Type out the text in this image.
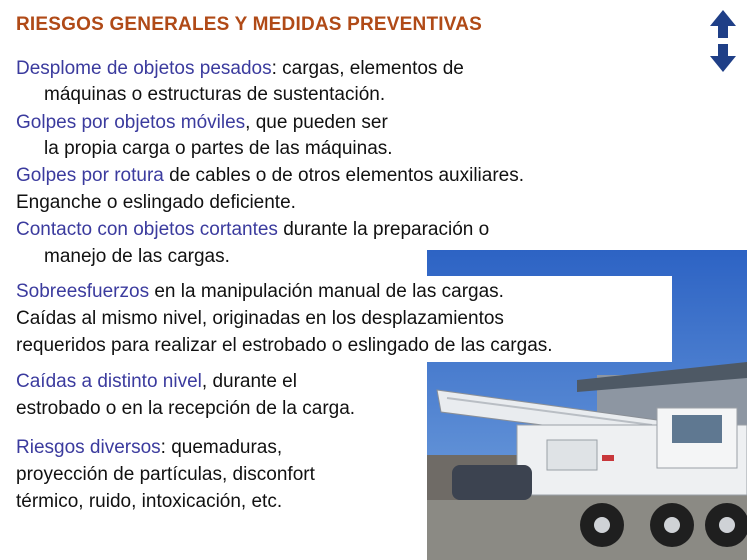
RIESGOS GENERALES Y MEDIDAS PREVENTIVAS
Desplome de objetos pesados: cargas, elementos de
máquinas o estructuras de sustentación.
Golpes por objetos móviles, que pueden ser
la propia carga o partes de las máquinas.
Golpes por rotura de cables o de otros elementos auxiliares.
Enganche o eslingado deficiente.
Contacto con objetos cortantes durante la preparación o
manejo de las cargas.
Sobreesfuerzos en la manipulación manual de las cargas.
Caídas al mismo nivel, originadas en los desplazamientos
requeridos para realizar el estrobado o eslingado de las cargas.
Caídas a distinto nivel, durante el
estrobado o en la recepción de la carga.
Riesgos diversos: quemaduras,
proyección de partículas, disconfort
térmico, ruido, intoxicación, etc.
